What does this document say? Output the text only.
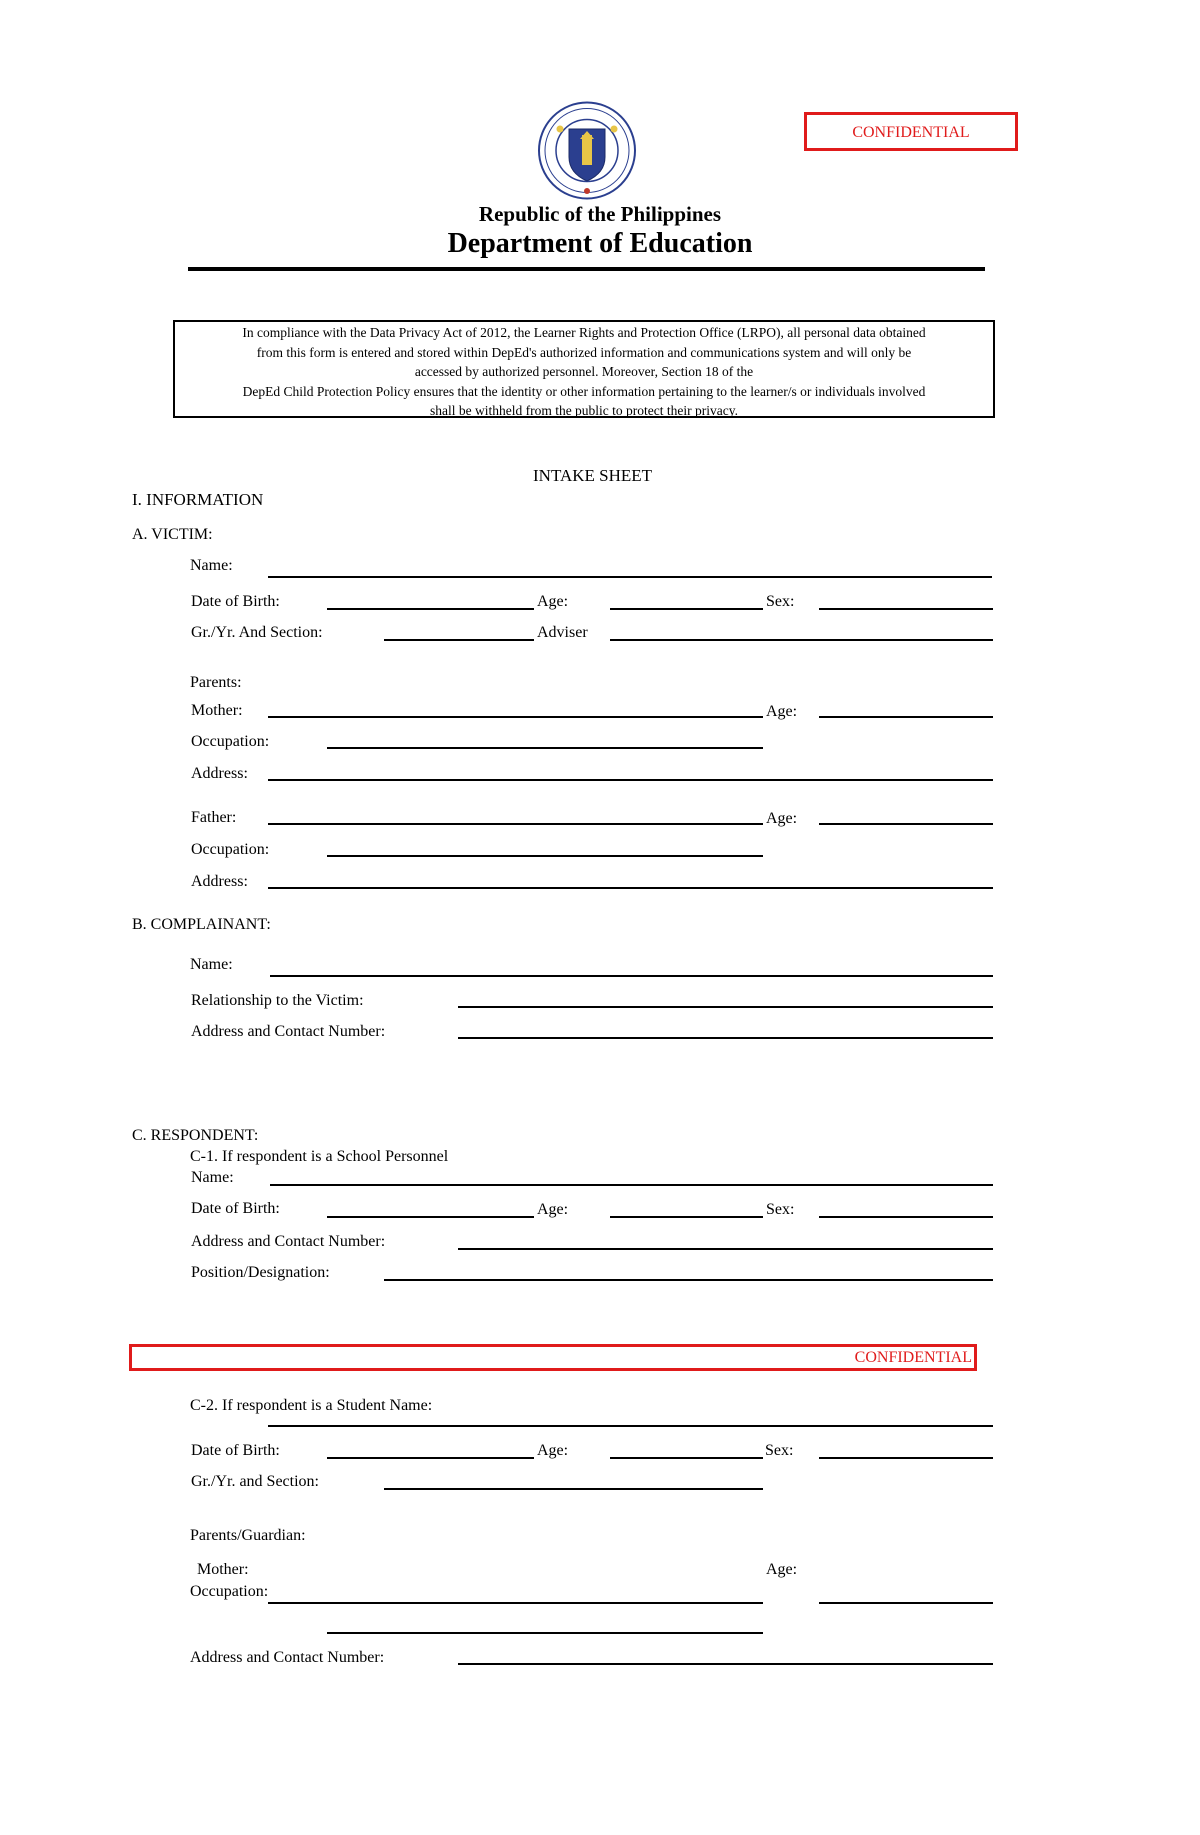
CONFIDENTIAL
Republic of the Philippines
Department of Education
In compliance with the Data Privacy Act of 2012, the Learner Rights and Protection Office (LRPO), all personal data obtained
from this form is entered and stored within DepEd's authorized information and communications system and will only be
accessed by authorized personnel. Moreover, Section 18 of the
DepEd Child Protection Policy ensures that the identity or other information pertaining to the learner/s or individuals involved
shall be withheld from the public to protect their privacy.
INTAKE SHEET
I. INFORMATION
A. VICTIM:
Name:
Date of Birth:	Age:	Sex:
Gr./Yr. And Section:	Adviser
Parents:
Mother:	Age:
Occupation:
Address:
Father:	Age:
Occupation:
Address:
B. COMPLAINANT:
Name:
Relationship to the Victim:
Address and Contact Number:
C. RESPONDENT:
C-1. If respondent is a School Personnel
Name:
Date of Birth:	Age:	Sex:
Address and Contact Number:
Position/Designation:
CONFIDENTIAL
C-2. If respondent is a Student Name:
Date of Birth:	Age:	Sex:
Gr./Yr. and Section:
Parents/Guardian:
Mother:	Age:
Occupation:
Address and Contact Number:
